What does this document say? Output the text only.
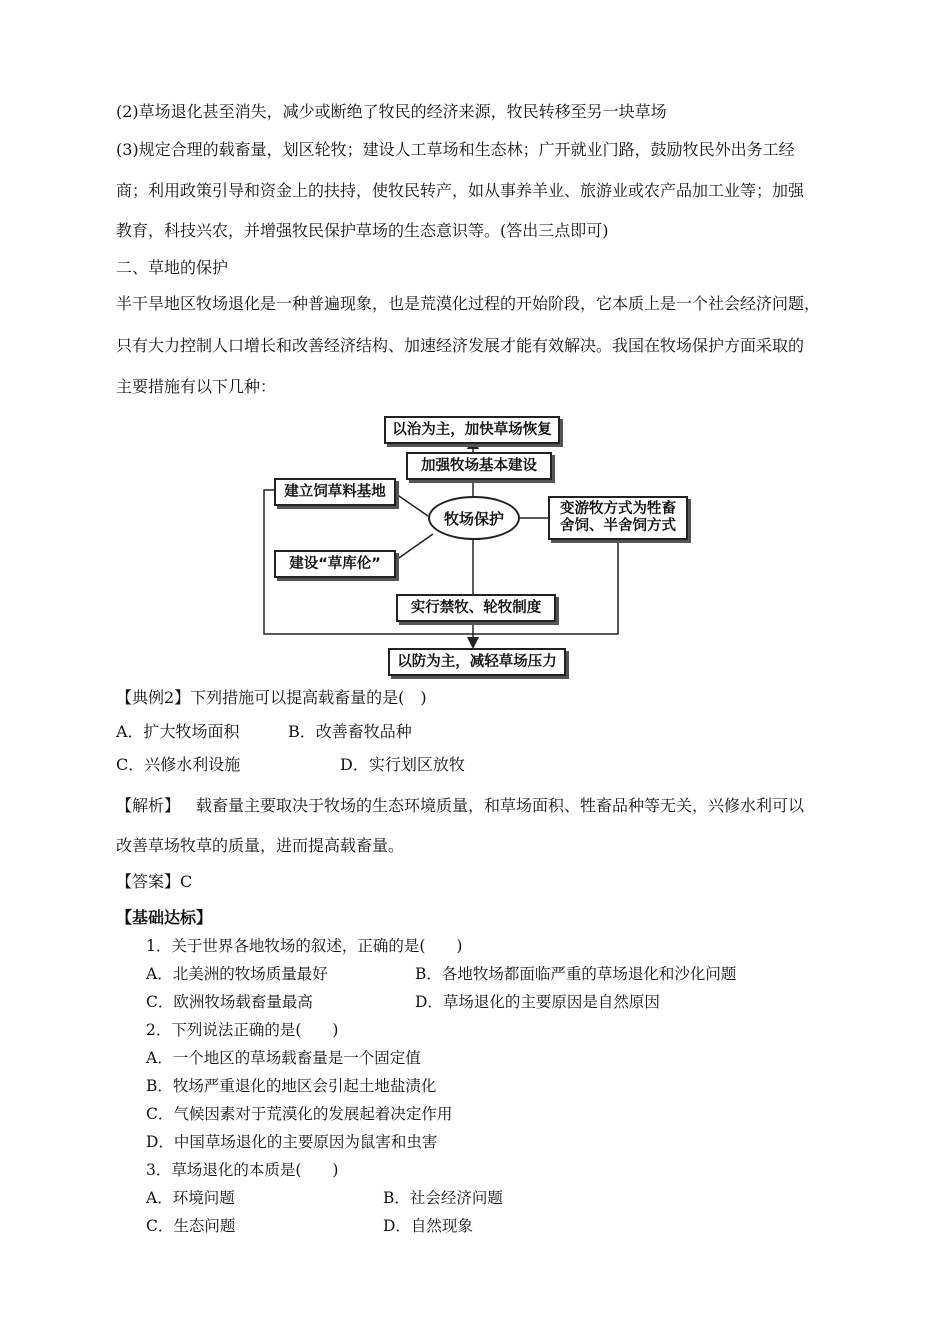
(2)草场退化甚至消失，减少或断绝了牧民的经济来源，牧民转移至另一块草场
(3)规定合理的载畜量，划区轮牧；建设人工草场和生态林；广开就业门路，鼓励牧民外出务工经
商；利用政策引导和资金上的扶持，使牧民转产，如从事养羊业、旅游业或农产品加工业等；加强
教育，科技兴农，并增强牧民保护草场的生态意识等。(答出三点即可)
二、草地的保护
半干旱地区牧场退化是一种普遍现象，也是荒漠化过程的开始阶段，它本质上是一个社会经济问题，
只有大力控制人口增长和改善经济结构、加速经济发展才能有效解决。我国在牧场保护方面采取的
主要措施有以下几种：
以治为主，加快草场恢复
加强牧场基本建设
建立饲草料基地
牧场保护
变游牧方式为牲畜
舍饲、半舍饲方式
建设“草库伦”
实行禁牧、轮牧制度
以防为主，减轻草场压力
【典例2】下列措施可以提高载畜量的是(　)
A．扩大牧场面积	B．改善畜牧品种
C．兴修水利设施	D．实行划区放牧
【解析】 载畜量主要取决于牧场的生态环境质量，和草场面积、牲畜品种等无关，兴修水利可以
改善草场牧草的质量，进而提高载畜量。
【答案】C
【基础达标】
1．关于世界各地牧场的叙述，正确的是(　　)
A．北美洲的牧场质量最好	B．各地牧场都面临严重的草场退化和沙化问题
C．欧洲牧场载畜量最高	D．草场退化的主要原因是自然原因
2．下列说法正确的是(　　)
A．一个地区的草场载畜量是一个固定值
B．牧场严重退化的地区会引起土地盐渍化
C．气候因素对于荒漠化的发展起着决定作用
D．中国草场退化的主要原因为鼠害和虫害
3．草场退化的本质是(　　)
A．环境问题	B．社会经济问题
C．生态问题	D．自然现象
